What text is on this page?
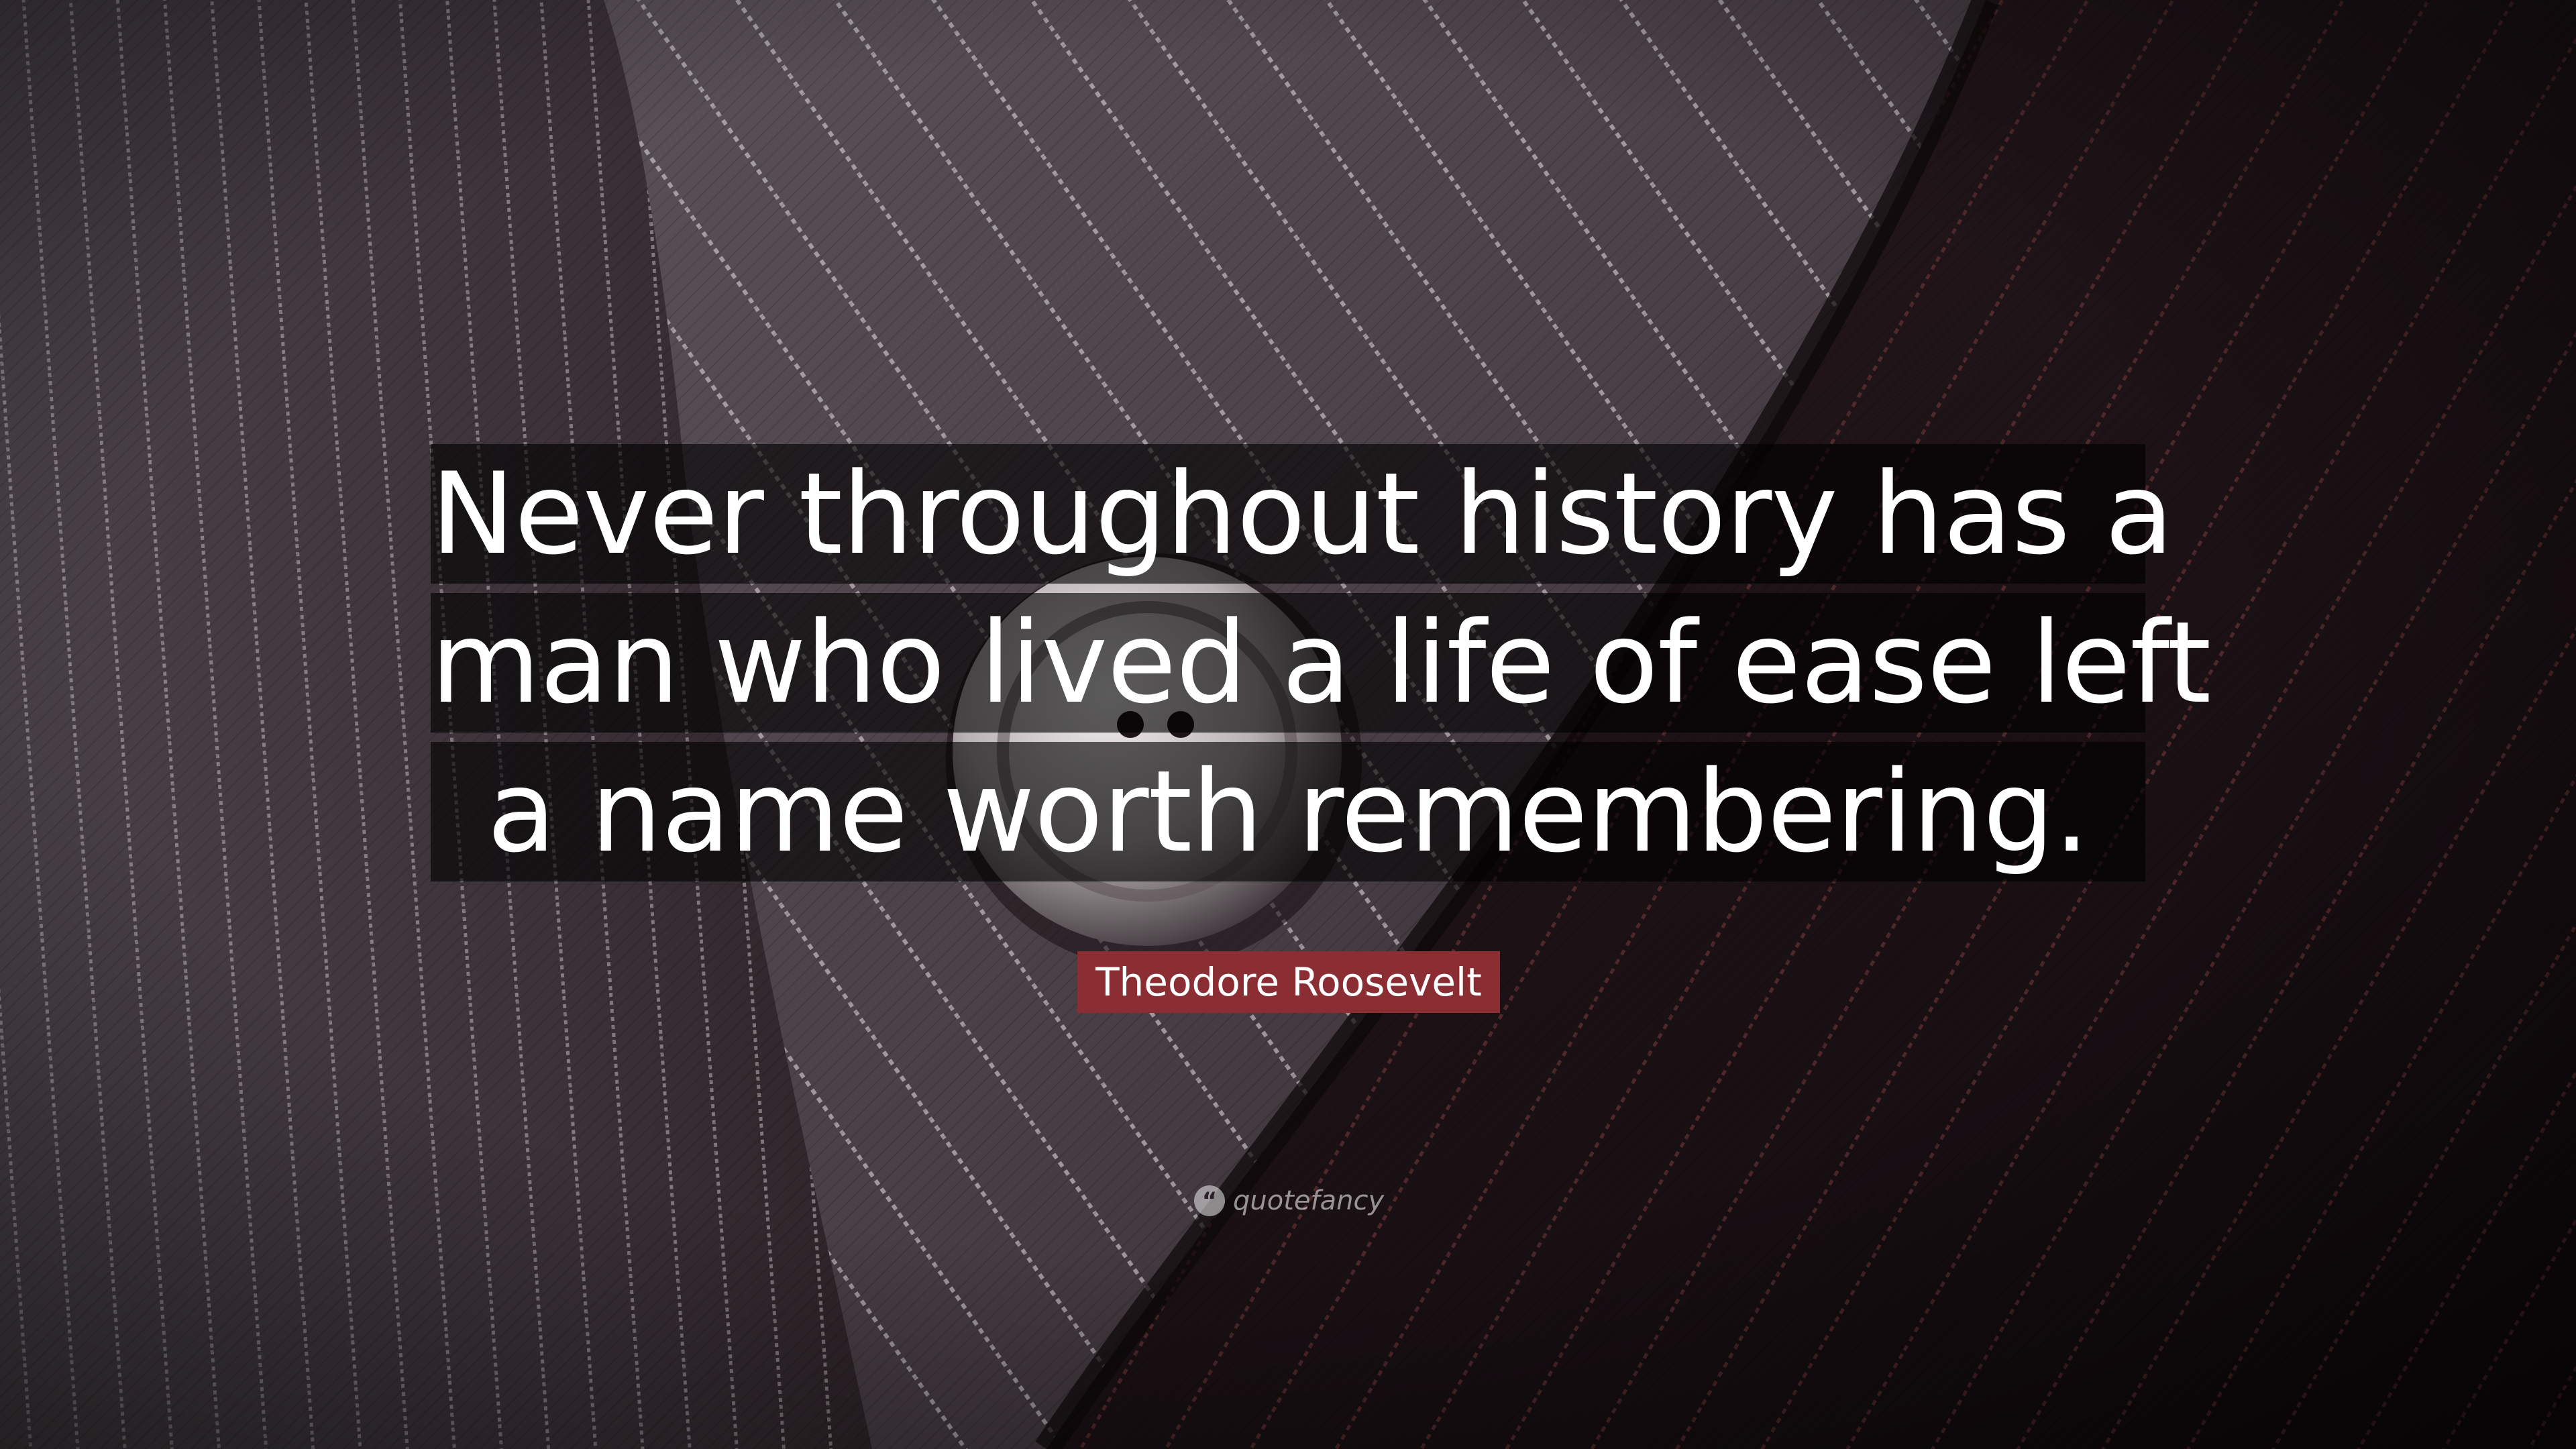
Never throughout history has a
man who lived a life of ease left
a name worth remembering.
Theodore Roosevelt
“ quotefancy
